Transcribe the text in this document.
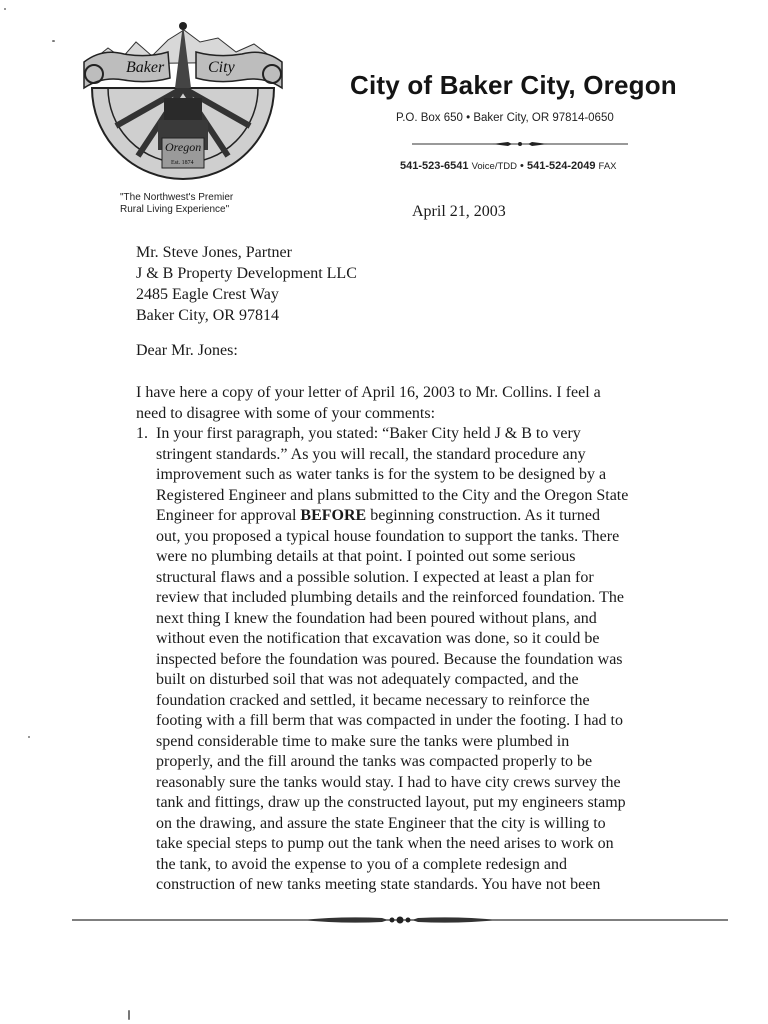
Baker	City
Oregon
Est. 1874
"The Northwest's Premier
Rural Living Experience"
City of Baker City, Oregon
P.O. Box 650 • Baker City, OR 97814-0650
541-523-6541 Voice/TDD • 541-524-2049 FAX
April 21, 2003
Mr. Steve Jones, Partner
J & B Property Development LLC
2485 Eagle Crest Way
Baker City, OR 97814
Dear Mr. Jones:
I have here a copy of your letter of April 16, 2003 to Mr. Collins. I feel a
need to disagree with some of your comments:
1. In your first paragraph, you stated: “Baker City held J & B to very
stringent standards.” As you will recall, the standard procedure any
improvement such as water tanks is for the system to be designed by a
Registered Engineer and plans submitted to the City and the Oregon State
Engineer for approval BEFORE beginning construction. As it turned
out, you proposed a typical house foundation to support the tanks. There
were no plumbing details at that point. I pointed out some serious
structural flaws and a possible solution. I expected at least a plan for
review that included plumbing details and the reinforced foundation. The
next thing I knew the foundation had been poured without plans, and
without even the notification that excavation was done, so it could be
inspected before the foundation was poured. Because the foundation was
built on disturbed soil that was not adequately compacted, and the
foundation cracked and settled, it became necessary to reinforce the
footing with a fill berm that was compacted in under the footing. I had to
spend considerable time to make sure the tanks were plumbed in
properly, and the fill around the tanks was compacted properly to be
reasonably sure the tanks would stay. I had to have city crews survey the
tank and fittings, draw up the constructed layout, put my engineers stamp
on the drawing, and assure the state Engineer that the city is willing to
take special steps to pump out the tank when the need arises to work on
the tank, to avoid the expense to you of a complete redesign and
construction of new tanks meeting state standards. You have not been
